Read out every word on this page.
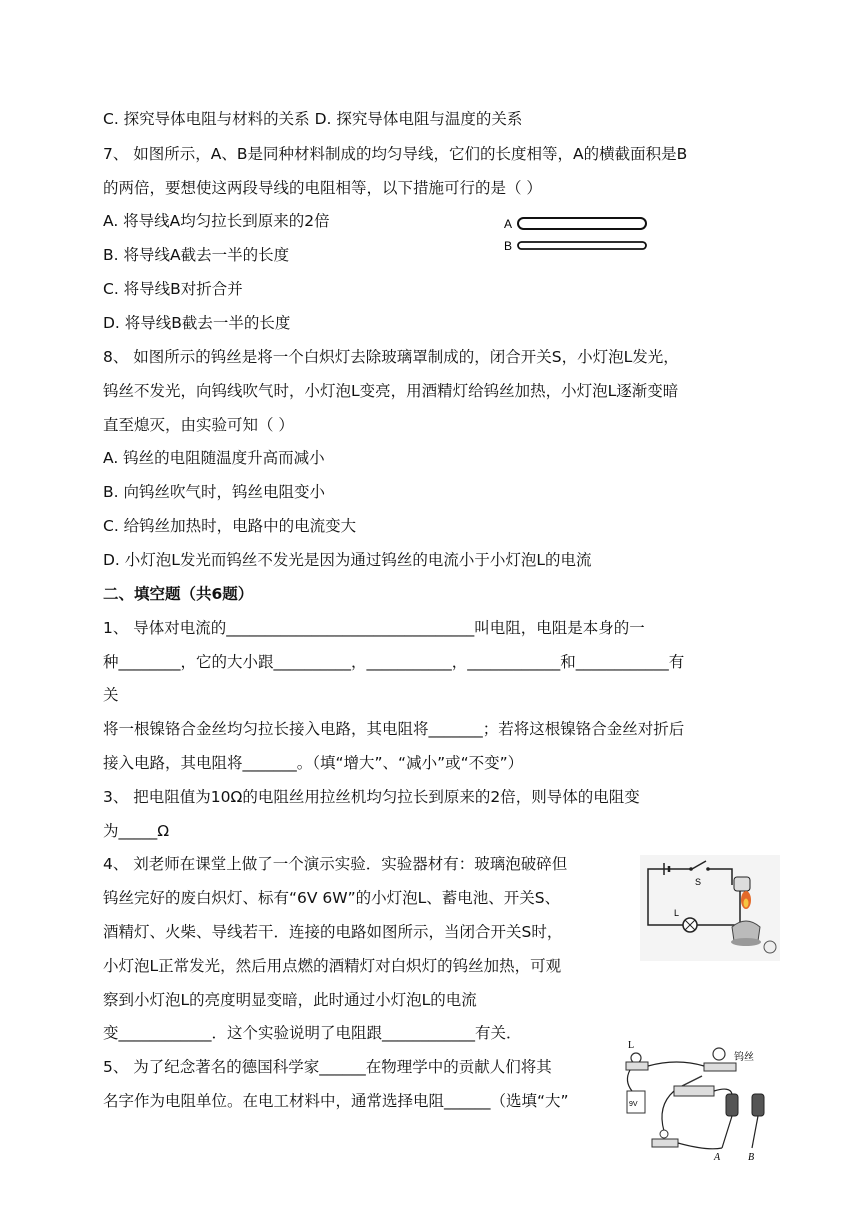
C. 探究导体电阻与材料的关系 D. 探究导体电阻与温度的关系
7、 如图所示，A、B是同种材料制成的均匀导线，它们的长度相等，A的横截面积是B
的两倍，要想使这两段导线的电阻相等，以下措施可行的是（ ）
A. 将导线A均匀拉长到原来的2倍
B. 将导线A截去一半的长度
C. 将导线B对折合并
D. 将导线B截去一半的长度
8、 如图所示的钨丝是将一个白炽灯去除玻璃罩制成的，闭合开关S，小灯泡L发光，
钨丝不发光，向钨线吹气时，小灯泡L变亮，用酒精灯给钨丝加热，小灯泡L逐渐变暗
直至熄灭，由实验可知（ ）
A. 钨丝的电阻随温度升高而减小
B. 向钨丝吹气时，钨丝电阻变小
C. 给钨丝加热时，电路中的电流变大
D. 小灯泡L发光而钨丝不发光是因为通过钨丝的电流小于小灯泡L的电流
二、填空题（共6题）
1、 导体对电流的________________________________叫电阻，电阻是本身的一
种________，它的大小跟__________，___________，____________和____________有
关
将一根镍铬合金丝均匀拉长接入电路，其电阻将_______；若将这根镍铬合金丝对折后
接入电路，其电阻将_______。（填“增大”、“减小”或“不变”）
3、 把电阻值为10Ω的电阻丝用拉丝机均匀拉长到原来的2倍，则导体的电阻变
为_____Ω
4、 刘老师在课堂上做了一个演示实验．实验器材有：玻璃泡破碎但
钨丝完好的废白炽灯、标有“6V 6W”的小灯泡L、蓄电池、开关S、
酒精灯、火柴、导线若干．连接的电路如图所示，当闭合开关S时，
小灯泡L正常发光，然后用点燃的酒精灯对白炽灯的钨丝加热，可观
察到小灯泡L的亮度明显变暗，此时通过小灯泡L的电流
变____________．这个实验说明了电阻跟____________有关．
5、 为了纪念著名的德国科学家______在物理学中的贡献人们将其
名字作为电阻单位。在电工材料中，通常选择电阻______（选填“大”
A
B
S
L
L
钨丝
9V
A	B
